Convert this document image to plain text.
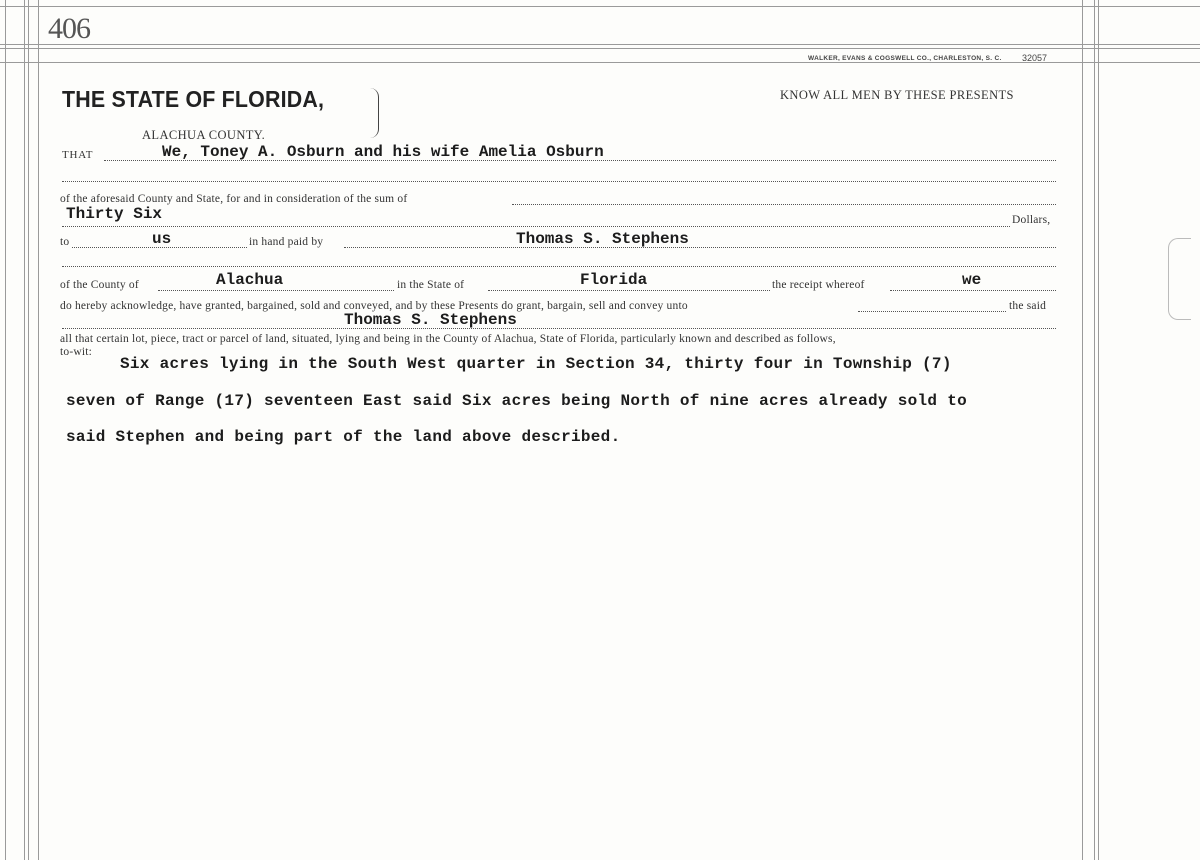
406
WALKER, EVANS & COGSWELL CO., CHARLESTON, S. C. 32057
THE STATE OF FLORIDA,	KNOW ALL MEN BY THESE PRESENTS
ALACHUA COUNTY.
THAT	We, Toney A. Osburn and his wife Amelia Osburn
of the aforesaid County and State, for and in consideration of the sum of
Thirty Six	Dollars,
to	us	in hand paid by	Thomas S. Stephens
of the County of	Alachua	in the State of	Florida	the receipt whereof	we
do hereby acknowledge, have granted, bargained, sold and conveyed, and by these Presents do grant, bargain, sell and convey unto	the said
Thomas S. Stephens
all that certain lot, piece, tract or parcel of land, situated, lying and being in the County of Alachua, State of Florida, particularly known and described as follows,
to-wit:
Six acres lying in the South West quarter in Section 34, thirty four in Township (7)
seven of Range (17) seventeen East said Six acres being North of nine acres already sold to
said Stephen and being part of the land above described.
